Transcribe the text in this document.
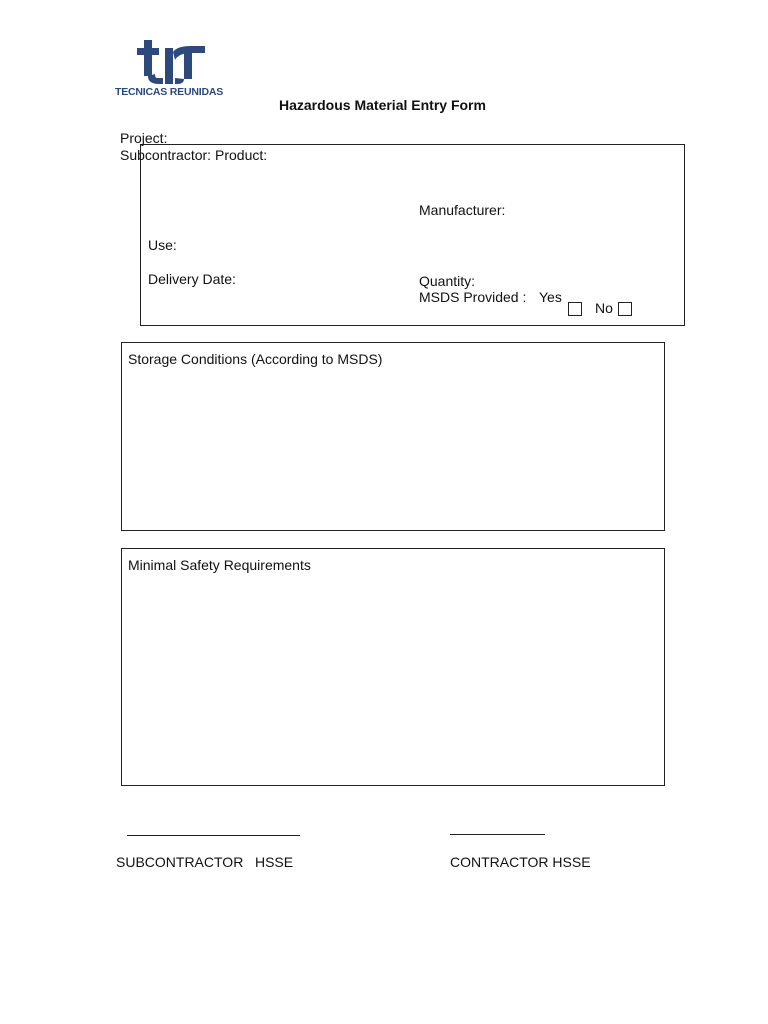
TECNICAS REUNIDAS
Hazardous Material Entry Form
Project:
Subcontractor: Product:
Manufacturer:
Use:
Delivery Date:	Quantity:
MSDS Provided : Yes
No
Storage Conditions (According to MSDS)
Minimal Safety Requirements
SUBCONTRACTOR   HSSE	CONTRACTOR HSSE
